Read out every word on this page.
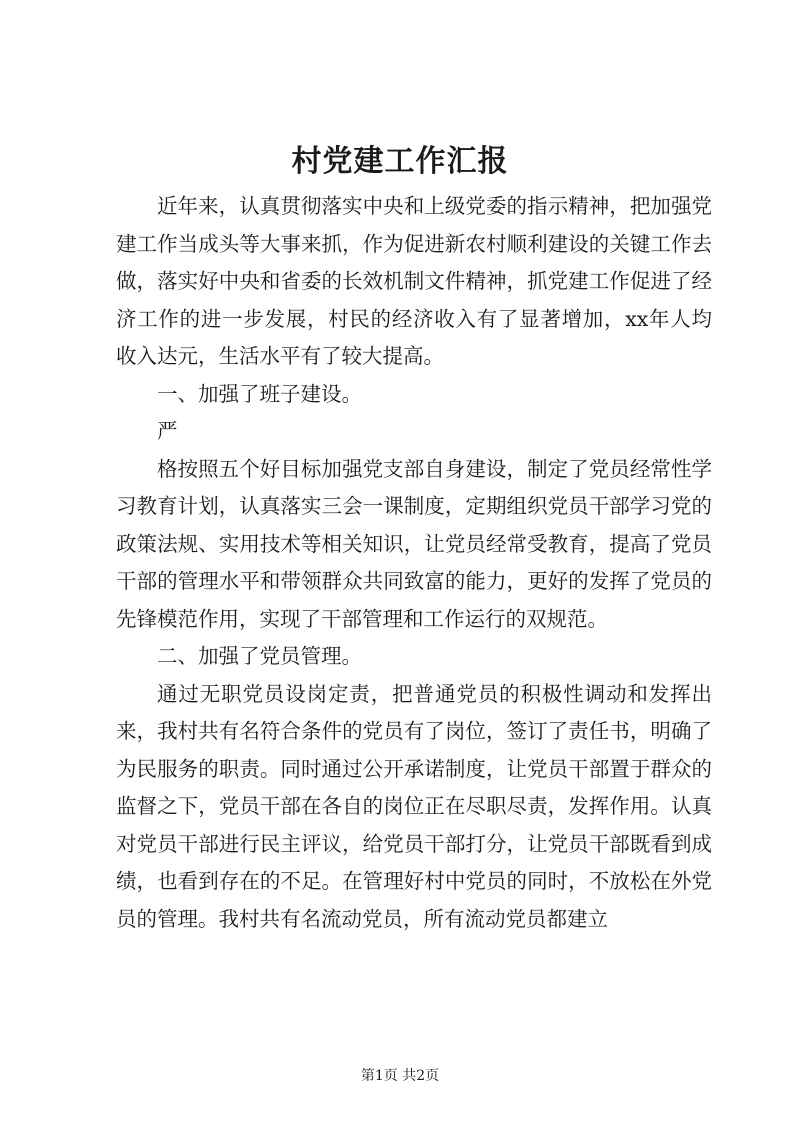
村党建工作汇报

近年来，认真贯彻落实中央和上级党委的指示精神，把加强党建工作当成头等大事来抓，作为促进新农村顺利建设的关键工作去做，落实好中央和省委的长效机制文件精神，抓党建工作促进了经济工作的进一步发展，村民的经济收入有了显著增加，xx年人均收入达元，生活水平有了较大提高。

一、加强了班子建设。

严

格按照五个好目标加强党支部自身建设，制定了党员经常性学习教育计划，认真落实三会一课制度，定期组织党员干部学习党的政策法规、实用技术等相关知识，让党员经常受教育，提高了党员干部的管理水平和带领群众共同致富的能力，更好的发挥了党员的先锋模范作用，实现了干部管理和工作运行的双规范。

二、加强了党员管理。

通过无职党员设岗定责，把普通党员的积极性调动和发挥出来，我村共有名符合条件的党员有了岗位，签订了责任书，明确了为民服务的职责。同时通过公开承诺制度，让党员干部置于群众的监督之下，党员干部在各自的岗位正在尽职尽责，发挥作用。认真对党员干部进行民主评议，给党员干部打分，让党员干部既看到成绩，也看到存在的不足。在管理好村中党员的同时，不放松在外党员的管理。我村共有名流动党员，所有流动党员都建立

第1页 共2页
